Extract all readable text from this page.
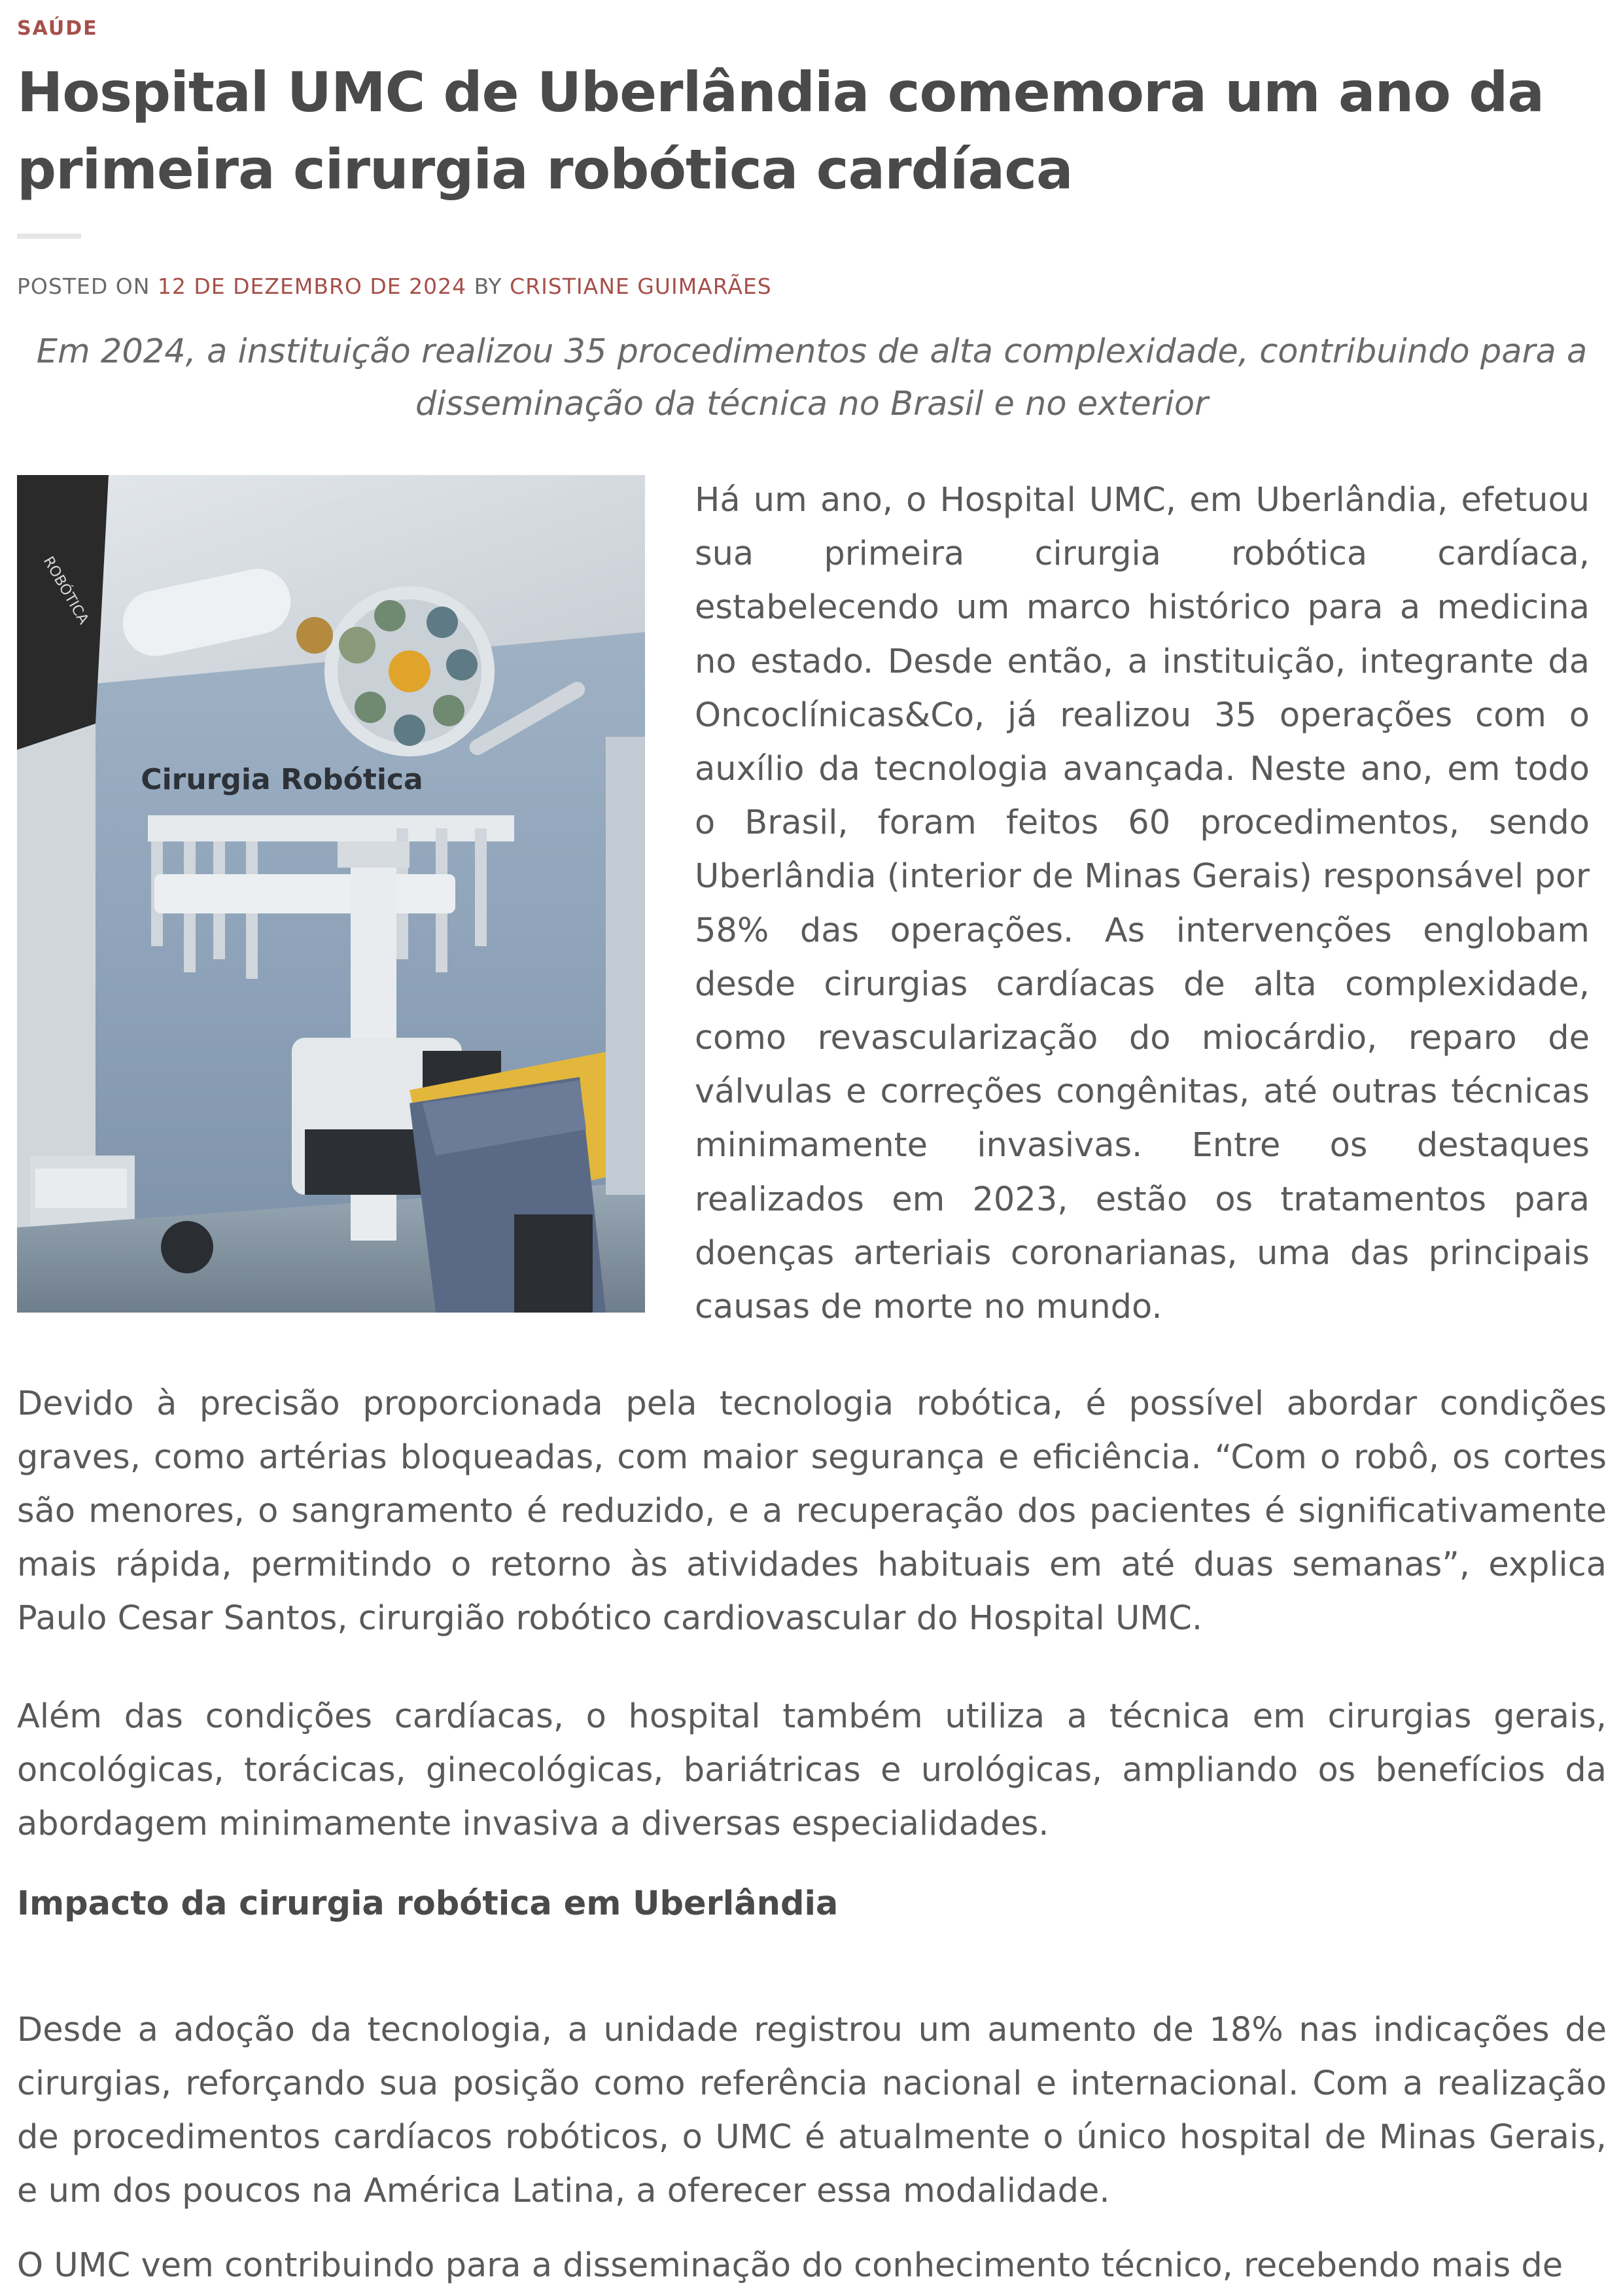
SAÚDE
Hospital UMC de Uberlândia comemora um ano da primeira cirurgia robótica cardíaca
POSTED ON 12 DE DEZEMBRO DE 2024 BY CRISTIANE GUIMARÃES
Em 2024, a instituição realizou 35 procedimentos de alta complexidade, contribuindo para a disseminação da técnica no Brasil e no exterior
Cirurgia Robótica
ROBÓTICA
Há um ano, o Hospital UMC, em Uberlândia, efetuou sua primeira cirurgia robótica cardíaca, estabelecendo um marco histórico para a medicina no estado. Desde então, a instituição, integrante da Oncoclínicas&Co, já realizou 35 operações com o auxílio da tecnologia avançada. Neste ano, em todo o Brasil, foram feitos 60 procedimentos, sendo Uberlândia (interior de Minas Gerais) responsável por 58% das operações. As intervenções englobam desde cirurgias cardíacas de alta complexidade, como revascularização do miocárdio, reparo de válvulas e correções congênitas, até outras técnicas minimamente invasivas. Entre os destaques realizados em 2023, estão os tratamentos para doenças arteriais coronarianas, uma das principais causas de morte no mundo.

Devido à precisão proporcionada pela tecnologia robótica, é possível abordar condições graves, como artérias bloqueadas, com maior segurança e eficiência. “Com o robô, os cortes são menores, o sangramento é reduzido, e a recuperação dos pacientes é significativamente mais rápida, permitindo o retorno às atividades habituais em até duas semanas”, explica Paulo Cesar Santos, cirurgião robótico cardiovascular do Hospital UMC.

Além das condições cardíacas, o hospital também utiliza a técnica em cirurgias gerais, oncológicas, torácicas, ginecológicas, bariátricas e urológicas, ampliando os benefícios da abordagem minimamente invasiva a diversas especialidades.

Impacto da cirurgia robótica em Uberlândia

Desde a adoção da tecnologia, a unidade registrou um aumento de 18% nas indicações de cirurgias, reforçando sua posição como referência nacional e internacional. Com a realização de procedimentos cardíacos robóticos, o UMC é atualmente o único hospital de Minas Gerais, e um dos poucos na América Latina, a oferecer essa modalidade.

O UMC vem contribuindo para a disseminação do conhecimento técnico, recebendo mais de
